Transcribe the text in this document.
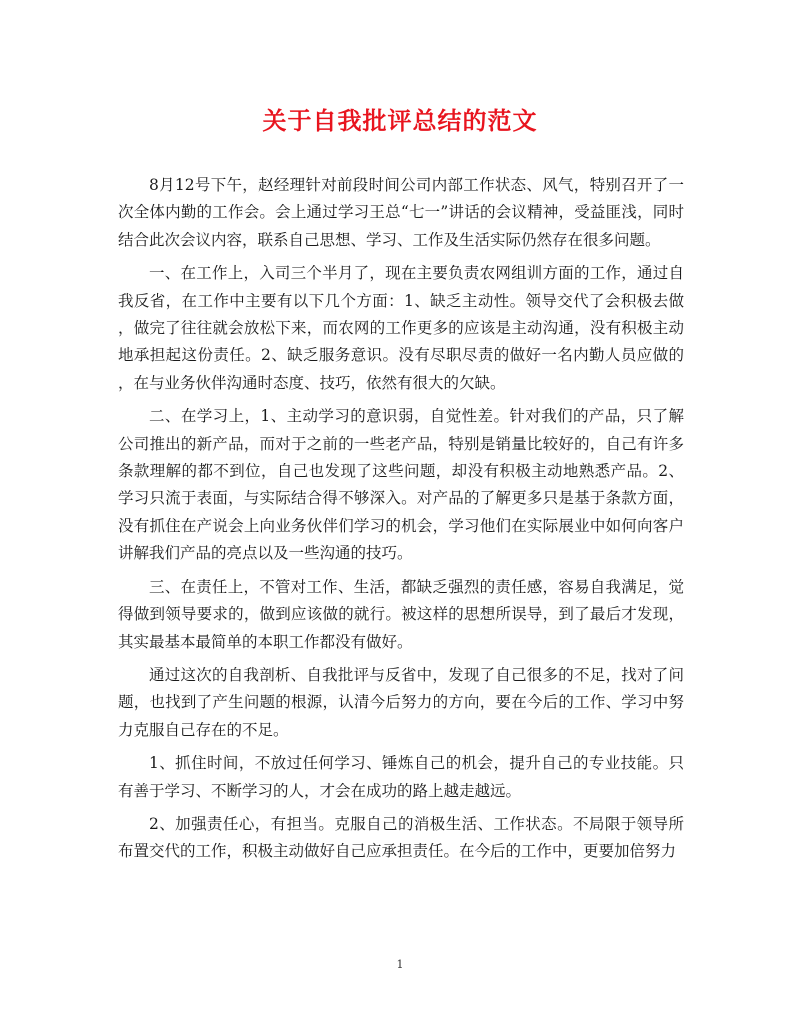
关于自我批评总结的范文

8月12号下午，赵经理针对前段时间公司内部工作状态、风气，特别召开了一次全体内勤的工作会。会上通过学习王总“七一”讲话的会议精神，受益匪浅，同时结合此次会议内容，联系自己思想、学习、工作及生活实际仍然存在很多问题。

一、在工作上，入司三个半月了，现在主要负责农网组训方面的工作，通过自我反省，在工作中主要有以下几个方面：1、缺乏主动性。领导交代了会积极去做，做完了往往就会放松下来，而农网的工作更多的应该是主动沟通，没有积极主动地承担起这份责任。2、缺乏服务意识。没有尽职尽责的做好一名内勤人员应做的，在与业务伙伴沟通时态度、技巧，依然有很大的欠缺。

二、在学习上，1、主动学习的意识弱，自觉性差。针对我们的产品，只了解公司推出的新产品，而对于之前的一些老产品，特别是销量比较好的，自己有许多条款理解的都不到位，自己也发现了这些问题，却没有积极主动地熟悉产品。2、学习只流于表面，与实际结合得不够深入。对产品的了解更多只是基于条款方面，没有抓住在产说会上向业务伙伴们学习的机会，学习他们在实际展业中如何向客户讲解我们产品的亮点以及一些沟通的技巧。

三、在责任上，不管对工作、生活，都缺乏强烈的责任感，容易自我满足，觉得做到领导要求的，做到应该做的就行。被这样的思想所误导，到了最后才发现，其实最基本最简单的本职工作都没有做好。

通过这次的自我剖析、自我批评与反省中，发现了自己很多的不足，找对了问题，也找到了产生问题的根源，认清今后努力的方向，要在今后的工作、学习中努力克服自己存在的不足。

1、抓住时间，不放过任何学习、锤炼自己的机会，提升自己的专业技能。只有善于学习、不断学习的人，才会在成功的路上越走越远。

2、加强责任心，有担当。克服自己的消极生活、工作状态。不局限于领导所布置交代的工作，积极主动做好自己应承担责任。在今后的工作中，更要加倍努力

1
